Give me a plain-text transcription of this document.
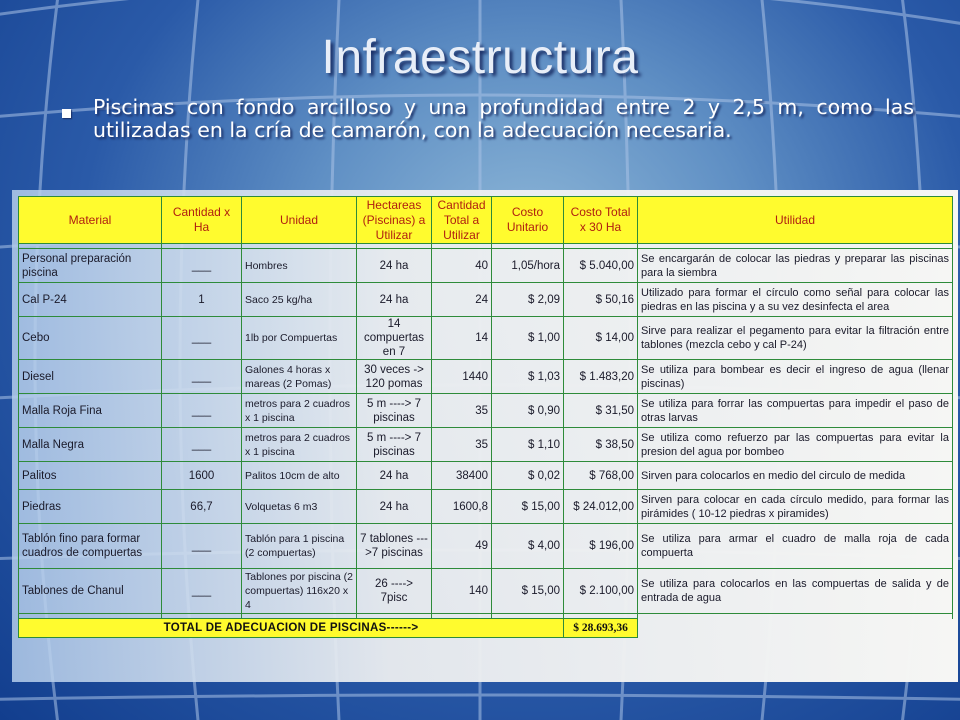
Infraestructura
Piscinas con fondo arcilloso y una profundidad entre 2 y 2,5 m, como las utilizadas en la cría de camarón, con la adecuación necesaria.
Material	Cantidad x Ha	Unidad	Hectareas (Piscinas) a Utilizar	Cantidad Total a Utilizar	Costo Unitario	Costo Total x 30 Ha	Utilidad

Personal preparación piscina	___	Hombres	24 ha	40	1,05/hora	$ 5.040,00	Se encargarán de colocar las piedras y preparar las piscinas para la siembra
Cal P-24	1	Saco 25 kg/ha	24 ha	24	$ 2,09	$ 50,16	Utilizado para formar el círculo como señal para colocar las piedras en las piscina y a su vez desinfecta el area
Cebo	___	1lb por Compuertas	14 compuertas en 7	14	$ 1,00	$ 14,00	Sirve para realizar el pegamento para evitar la filtración entre tablones (mezcla cebo y cal P-24)
Diesel	___	Galones 4 horas x mareas (2 Pomas)	30 veces -> 120 pomas	1440	$ 1,03	$ 1.483,20	Se utiliza para bombear es decir el ingreso de agua (llenar piscinas)
Malla Roja Fina	___	metros para 2 cuadros x 1 piscina	5 m ----> 7 piscinas	35	$ 0,90	$ 31,50	Se utiliza para forrar las compuertas para impedir el paso de otras larvas
Malla Negra	___	metros para 2 cuadros x 1 piscina	5 m ----> 7 piscinas	35	$ 1,10	$ 38,50	Se utiliza como refuerzo par las compuertas para evitar la presion del agua por bombeo
Palitos	1600	Palitos 10cm de alto	24 ha	38400	$ 0,02	$ 768,00	Sirven para colocarlos en medio del circulo de medida
Piedras	66,7	Volquetas 6 m3	24 ha	1600,8	$ 15,00	$ 24.012,00	Sirven para colocar en cada círculo medido, para formar las pirámides ( 10-12 piedras x piramides)
Tablón fino para formar cuadros de compuertas	___	Tablón para 1 piscina (2 compuertas)	7 tablones --->7 piscinas	49	$ 4,00	$ 196,00	Se utiliza para armar el cuadro de malla roja de cada compuerta
Tablones de Chanul	___	Tablones por piscina (2 compuertas) 116x20 x 4	26 ----> 7pisc	140	$ 15,00	$ 2.100,00	Se utiliza para colocarlos en las compuertas de salida y de entrada de agua

TOTAL DE ADECUACION DE PISCINAS------>						$ 28.693,36	
